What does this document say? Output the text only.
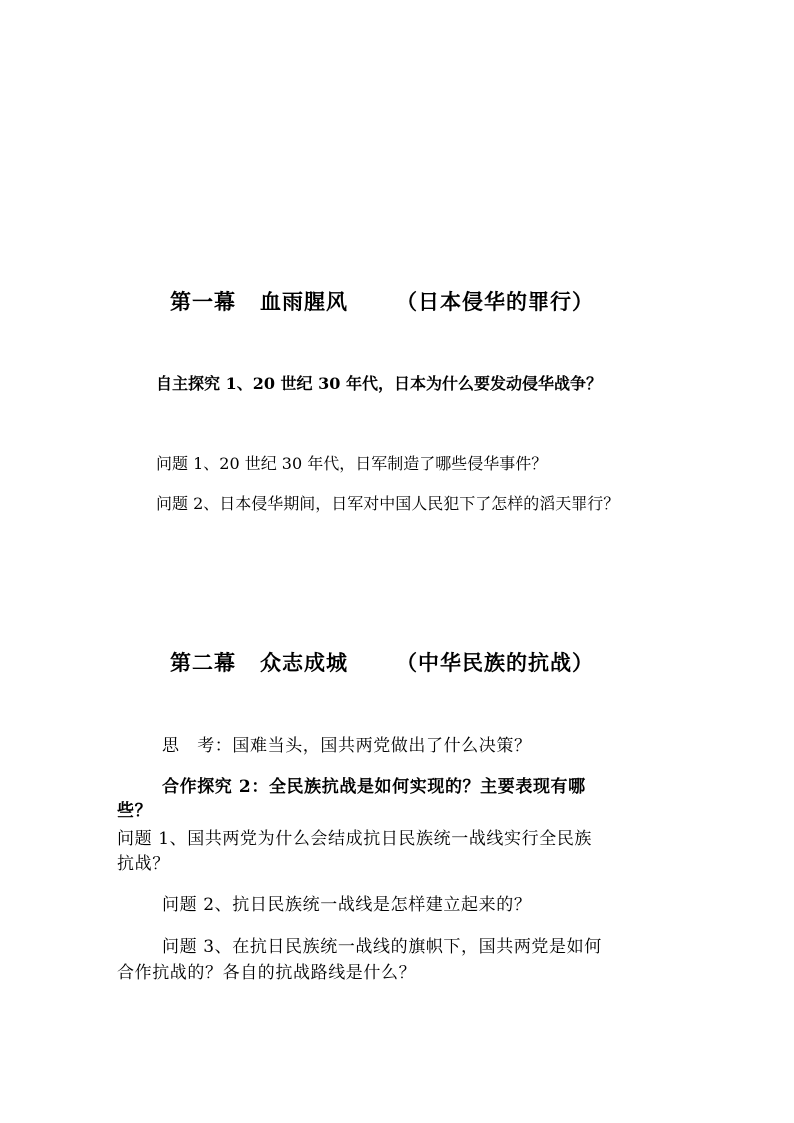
第一幕 血雨腥风 （日本侵华的罪行）
自主探究 1、20 世纪 30 年代，日本为什么要发动侵华战争？
问题 1、20 世纪 30 年代，日军制造了哪些侵华事件？
问题 2、日本侵华期间，日军对中国人民犯下了怎样的滔天罪行？
第二幕 众志成城 （中华民族的抗战）
思　考：国难当头，国共两党做出了什么决策？
合作探究 2：全民族抗战是如何实现的？主要表现有哪
些？
问题 1、国共两党为什么会结成抗日民族统一战线实行全民族
抗战？
问题 2、抗日民族统一战线是怎样建立起来的？
问题 3、在抗日民族统一战线的旗帜下，国共两党是如何
合作抗战的？各自的抗战路线是什么？
